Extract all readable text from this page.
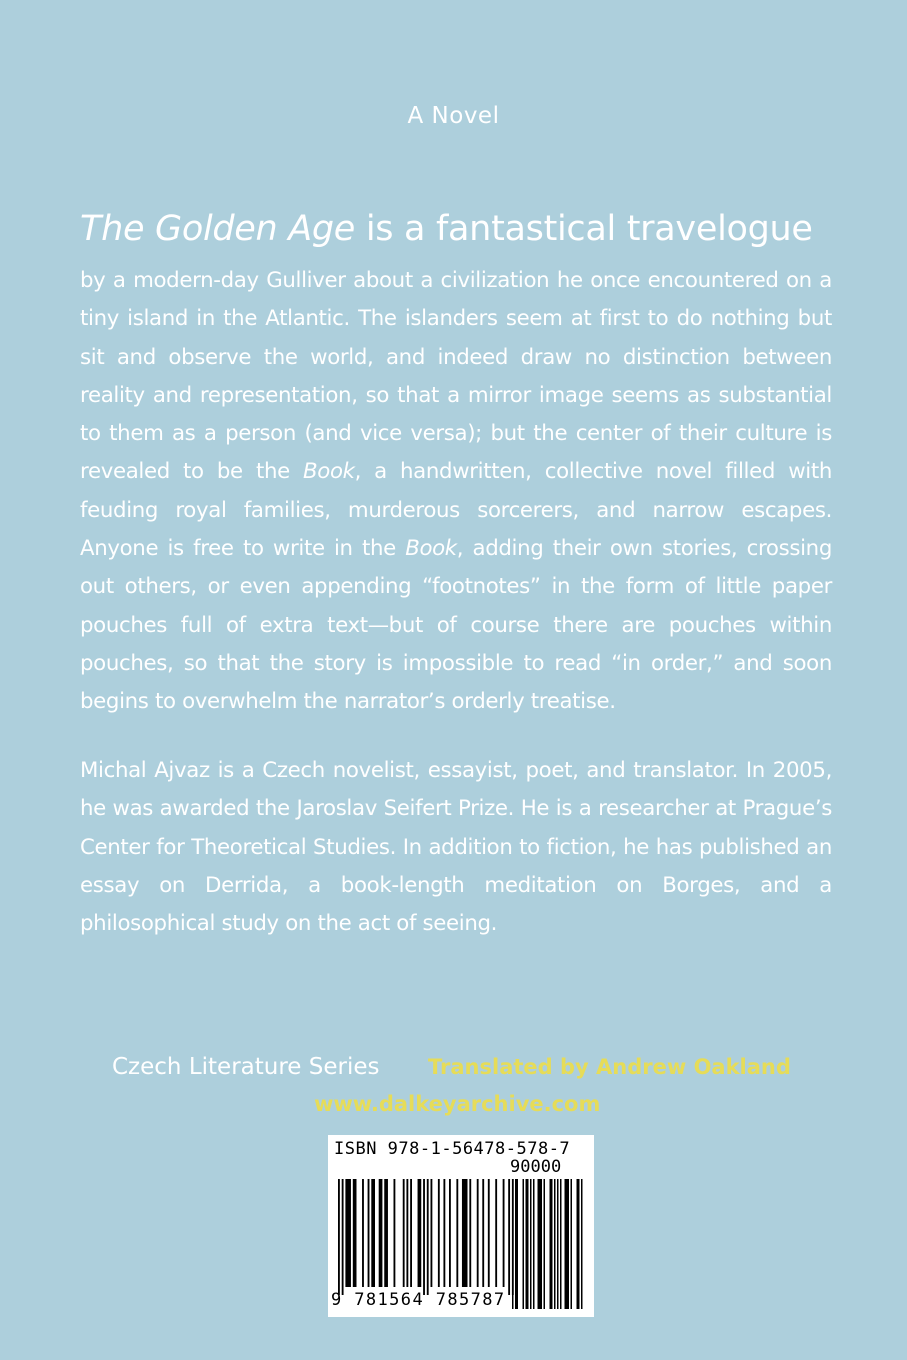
A Novel
The Golden Age is a fantastical travelogue
by a modern-day Gulliver about a civilization he once encountered on a tiny island in the Atlantic. The islanders seem at first to do nothing but sit and observe the world, and indeed draw no distinction between reality and representation, so that a mirror image seems as substantial to them as a person (and vice versa); but the center of their culture is revealed to be the Book, a handwritten, collective novel filled with feuding royal families, murderous sorcerers, and narrow escapes. Anyone is free to write in the Book, adding their own stories, crossing out others, or even appending “footnotes” in the form of little paper pouches full of extra text—but of course there are pouches within pouches, so that the story is impossible to read “in order,” and soon begins to overwhelm the narrator’s orderly treatise.
Michal Ajvaz is a Czech novelist, essayist, poet, and translator. In 2005, he was awarded the Jaroslav Seifert Prize. He is a researcher at Prague’s Center for Theoretical Studies. In addition to fiction, he has published an essay on Derrida, a book-length meditation on Borges, and a philosophical study on the act of seeing.
Czech Literature Series Translated by Andrew Oakland
www.dalkeyarchive.com
ISBN 978-1-56478-578-7
90000
9 781564 785787
